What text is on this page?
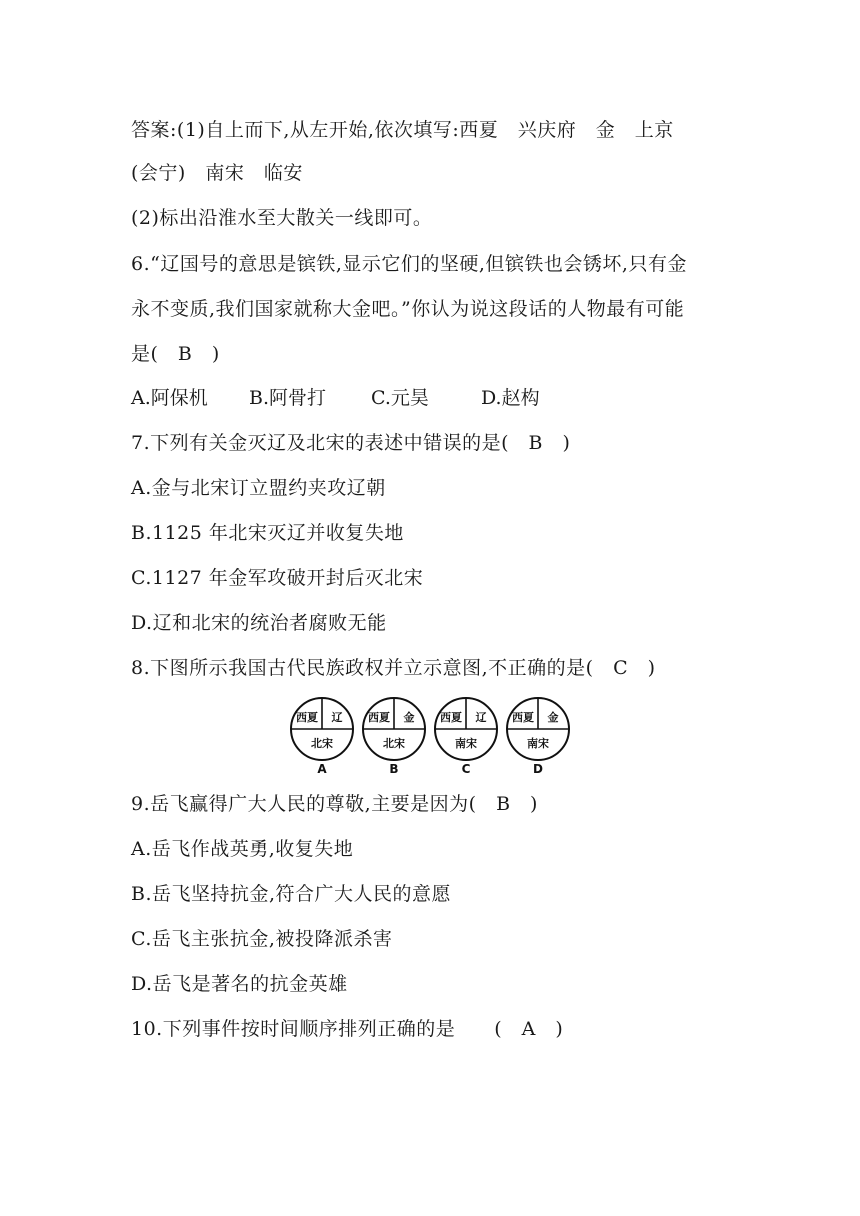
答案:(1)自上而下,从左开始,依次填写:西夏　兴庆府　金　上京
(会宁)　南宋　临安
(2)标出沿淮水至大散关一线即可。
6.“辽国号的意思是镔铁,显示它们的坚硬,但镔铁也会锈坏,只有金
永不变质,我们国家就称大金吧。”你认为说这段话的人物最有可能
是(　B　)

A.阿保机

B.阿骨打

C.元昊

	D.赵构

7.下列有关金灭辽及北宋的表述中错误的是(　B　)
A.金与北宋订立盟约夹攻辽朝
B.1125 年北宋灭辽并收复失地
C.1127 年金军攻破开封后灭北宋
D.辽和北宋的统治者腐败无能
8.下图所示我国古代民族政权并立示意图,不正确的是(　C　)
西夏 辽
北宋
A
西夏 金
北宋
B
西夏 辽
南宋
C
西夏 金
南宋
D
9.岳飞赢得广大人民的尊敬,主要是因为(　B　)
A.岳飞作战英勇,收复失地
B.岳飞坚持抗金,符合广大人民的意愿
C.岳飞主张抗金,被投降派杀害
D.岳飞是著名的抗金英雄
10.下列事件按时间顺序排列正确的是　　(　A　)
